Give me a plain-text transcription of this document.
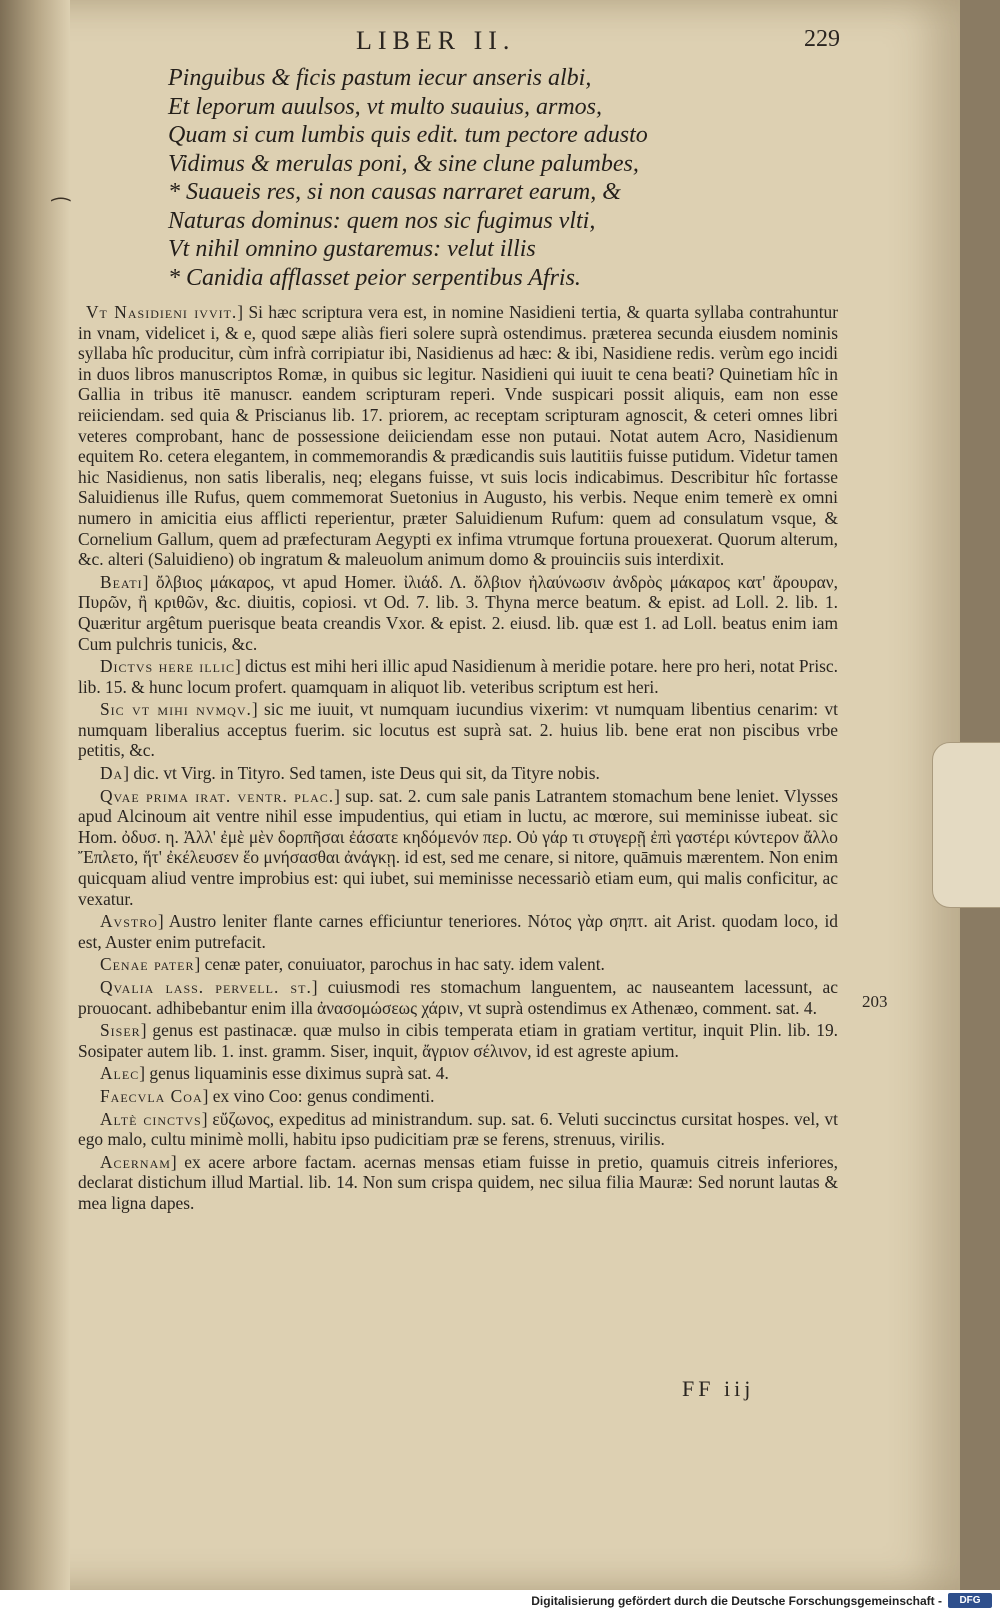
⁀
LIBER II.	229
Pinguibus & ficis pastum iecur anseris albi,
Et leporum auulsos, vt multo suauius, armos,
Quam si cum lumbis quis edit. tum pectore adusto
Vidimus & merulas poni, & sine clune palumbes,
* Suaueis res, si non causas narraret earum, &
Naturas dominus: quem nos sic fugimus vlti,
Vt nihil omnino gustaremus: velut illis
* Canidia afflasset peior serpentibus Afris.

Vt Nasidieni ivvit.] Si hæc scriptura vera est, in nomine Nasidieni tertia, & quarta syllaba contrahuntur in vnam, videlicet i, & e, quod sæpe aliàs fieri solere suprà ostendimus. præterea secunda eiusdem nominis syllaba hîc producitur, cùm infrà corripiatur ibi, Nasidienus ad hæc: & ibi, Nasidiene redis. verùm ego incidi in duos libros manuscriptos Romæ, in quibus sic legitur. Nasidieni qui iuuit te cena beati? Quinetiam hîc in Gallia in tribus itē manuscr. eandem scripturam reperi. Vnde suspicari possit aliquis, eam non esse reiiciendam. sed quia & Priscianus lib. 17. priorem, ac receptam scripturam agnoscit, & ceteri omnes libri veteres comprobant, hanc de possessione deiiciendam esse non putaui. Notat autem Acro, Nasidienum equitem Ro. cetera elegantem, in commemorandis & prædicandis suis lautitiis fuisse putidum. Videtur tamen hic Nasidienus, non satis liberalis, neq; elegans fuisse, vt suis locis indicabimus. Describitur hîc fortasse Saluidienus ille Rufus, quem commemorat Suetonius in Augusto, his verbis. Neque enim temerè ex omni numero in amicitia eius afflicti reperientur, præter Saluidienum Rufum: quem ad consulatum vsque, & Cornelium Gallum, quem ad præfecturam Aegypti ex infima vtrumque fortuna prouexerat. Quorum alterum, &c. alteri (Saluidieno) ob ingratum & maleuolum animum domo & prouinciis suis interdixit.

Beati] ὄλβιος μάκαρος, vt apud Homer. ἰλιάδ. Λ. ὄλβιον ἠλαύνωσιν ἀνδρὸς μάκαρος κατ' ἄρουραν, Πυρῶν, ἢ κριθῶν, &c. diuitis, copiosi. vt Od. 7. lib. 3. Thyna merce beatum. & epist. ad Loll. 2. lib. 1. Quæritur argêtum puerisque beata creandis Vxor. & epist. 2. eiusd. lib. quæ est 1. ad Loll. beatus enim iam Cum pulchris tunicis, &c.

Dictvs here illic] dictus est mihi heri illic apud Nasidienum à meridie potare. here pro heri, notat Prisc. lib. 15. & hunc locum profert. quamquam in aliquot lib. veteribus scriptum est heri.

Sic vt mihi nvmqv.] sic me iuuit, vt numquam iucundius vixerim: vt numquam libentius cenarim: vt numquam liberalius acceptus fuerim. sic locutus est suprà sat. 2. huius lib. bene erat non piscibus vrbe petitis, &c.

Da] dic. vt Virg. in Tityro. Sed tamen, iste Deus qui sit, da Tityre nobis.

Qvae prima irat. ventr. plac.] sup. sat. 2. cum sale panis Latrantem stomachum bene leniet. Vlysses apud Alcinoum ait ventre nihil esse impudentius, qui etiam in luctu, ac mœrore, sui meminisse iubeat. sic Hom. ὀδυσ. η. Ἀλλ' ἐμὲ μὲν δορπῆσαι ἐάσατε κηδόμενόν περ. Οὐ γάρ τι στυγερῇ ἐπὶ γαστέρι κύντερον ἄλλο Ἔπλετο, ἥτ' ἐκέλευσεν ἕο μνήσασθαι ἀνάγκῃ. id est, sed me cenare, si nitore, quāmuis mærentem. Non enim quicquam aliud ventre improbius est: qui iubet, sui meminisse necessariò etiam eum, qui malis conficitur, ac vexatur.

Avstro] Austro leniter flante carnes efficiuntur teneriores. Νότος γὰρ σηπτ. ait Arist. quodam loco, id est, Auster enim putrefacit.

Cenae pater] cenæ pater, conuiuator, parochus in hac saty. idem valent.

Qvalia lass. pervell. st.] cuiusmodi res stomachum languentem, ac nauseantem lacessunt, ac prouocant. adhibebantur enim illa ἀνασομώσεως χάριν, vt suprà ostendimus ex Athenæo, comment. sat. 4.

Siser] genus est pastinacæ. quæ mulso in cibis temperata etiam in gratiam vertitur, inquit Plin. lib. 19. Sosipater autem lib. 1. inst. gramm. Siser, inquit, ἄγριον σέλινον, id est agreste apium.

Alec] genus liquaminis esse diximus suprà sat. 4.

Faecvla Coa] ex vino Coo: genus condimenti.

Altè cinctvs] εὔζωνος, expeditus ad ministrandum. sup. sat. 6. Veluti succinctus cursitat hospes. vel, vt ego malo, cultu minimè molli, habitu ipso pudicitiam præ se ferens, strenuus, virilis.

Acernam] ex acere arbore factam. acernas mensas etiam fuisse in pretio, quamuis citreis inferiores, declarat distichum illud Martial. lib. 14. Non sum crispa quidem, nec silua filia Mauræ: Sed norunt lautas & mea ligna dapes.

203
FF iij
Digitalisierung gefördert durch die Deutsche Forschungsgemeinschaft -	DFG
